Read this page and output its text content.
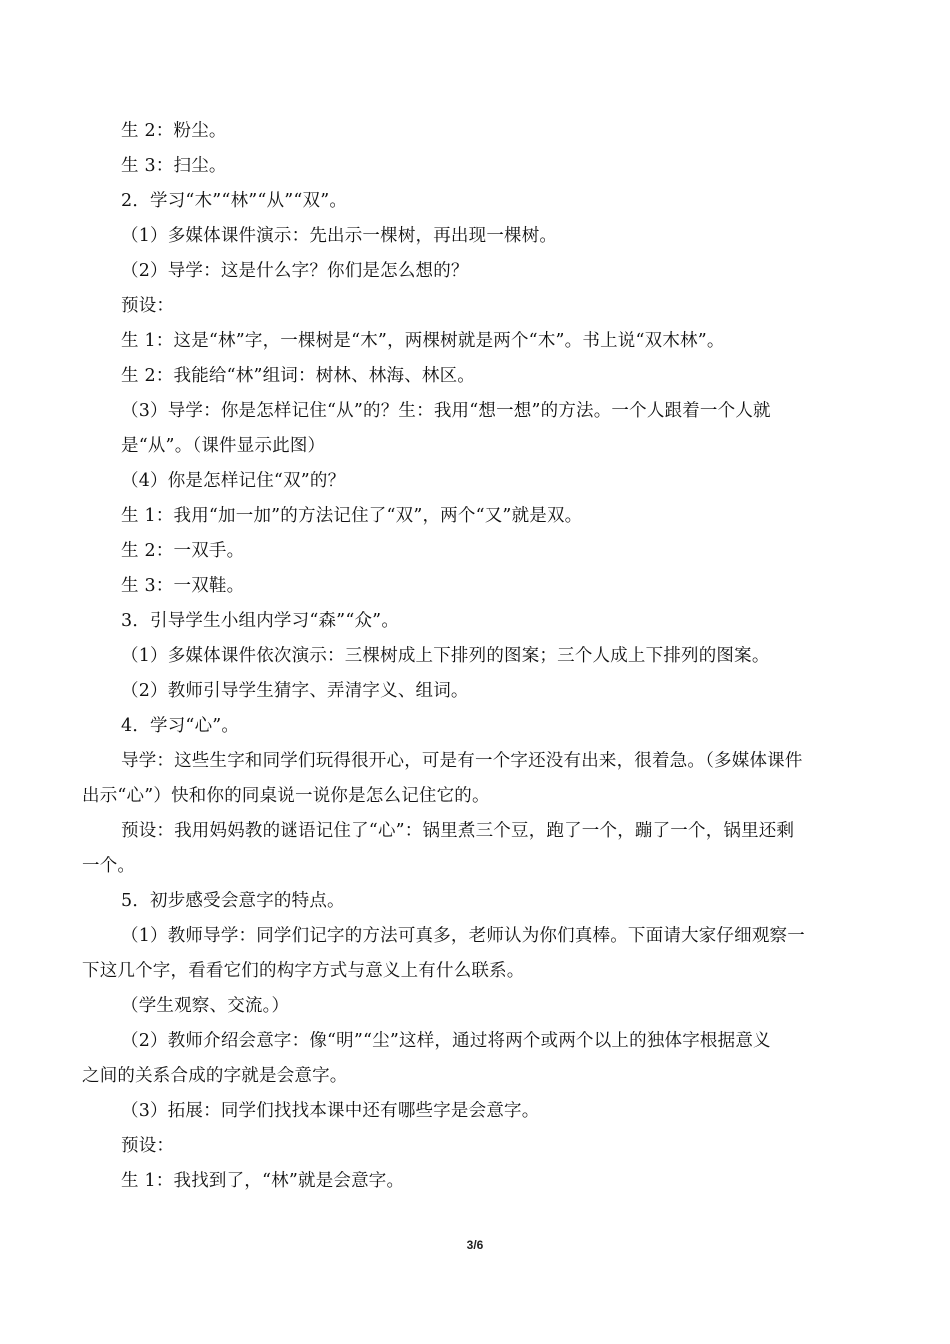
生 2：粉尘。
生 3：扫尘。
2．学习“木”“林”“从”“双”。
（1）多媒体课件演示：先出示一棵树，再出现一棵树。
（2）导学：这是什么字？你们是怎么想的？
预设：
生 1：这是“林”字，一棵树是“木”，两棵树就是两个“木”。书上说“双木林”。
生 2：我能给“林”组词：树林、林海、林区。
（3）导学：你是怎样记住“从”的？生：我用“想一想”的方法。一个人跟着一个人就
是“从”。（课件显示此图）
（4）你是怎样记住“双”的？
生 1：我用“加一加”的方法记住了“双”，两个“又”就是双。
生 2：一双手。
生 3：一双鞋。
3．引导学生小组内学习“森”“众”。
（1）多媒体课件依次演示：三棵树成上下排列的图案；三个人成上下排列的图案。
（2）教师引导学生猜字、弄清字义、组词。
4．学习“心”。
导学：这些生字和同学们玩得很开心，可是有一个字还没有出来，很着急。（多媒体课件
出示“心”）快和你的同桌说一说你是怎么记住它的。
预设：我用妈妈教的谜语记住了“心”：锅里煮三个豆，跑了一个，蹦了一个，锅里还剩
一个。
5．初步感受会意字的特点。
（1）教师导学：同学们记字的方法可真多，老师认为你们真棒。下面请大家仔细观察一
下这几个字，看看它们的构字方式与意义上有什么联系。
（学生观察、交流。）
（2）教师介绍会意字：像“明”“尘”这样，通过将两个或两个以上的独体字根据意义
之间的关系合成的字就是会意字。
（3）拓展：同学们找找本课中还有哪些字是会意字。
预设：
生 1：我找到了，“林”就是会意字。
3/6
